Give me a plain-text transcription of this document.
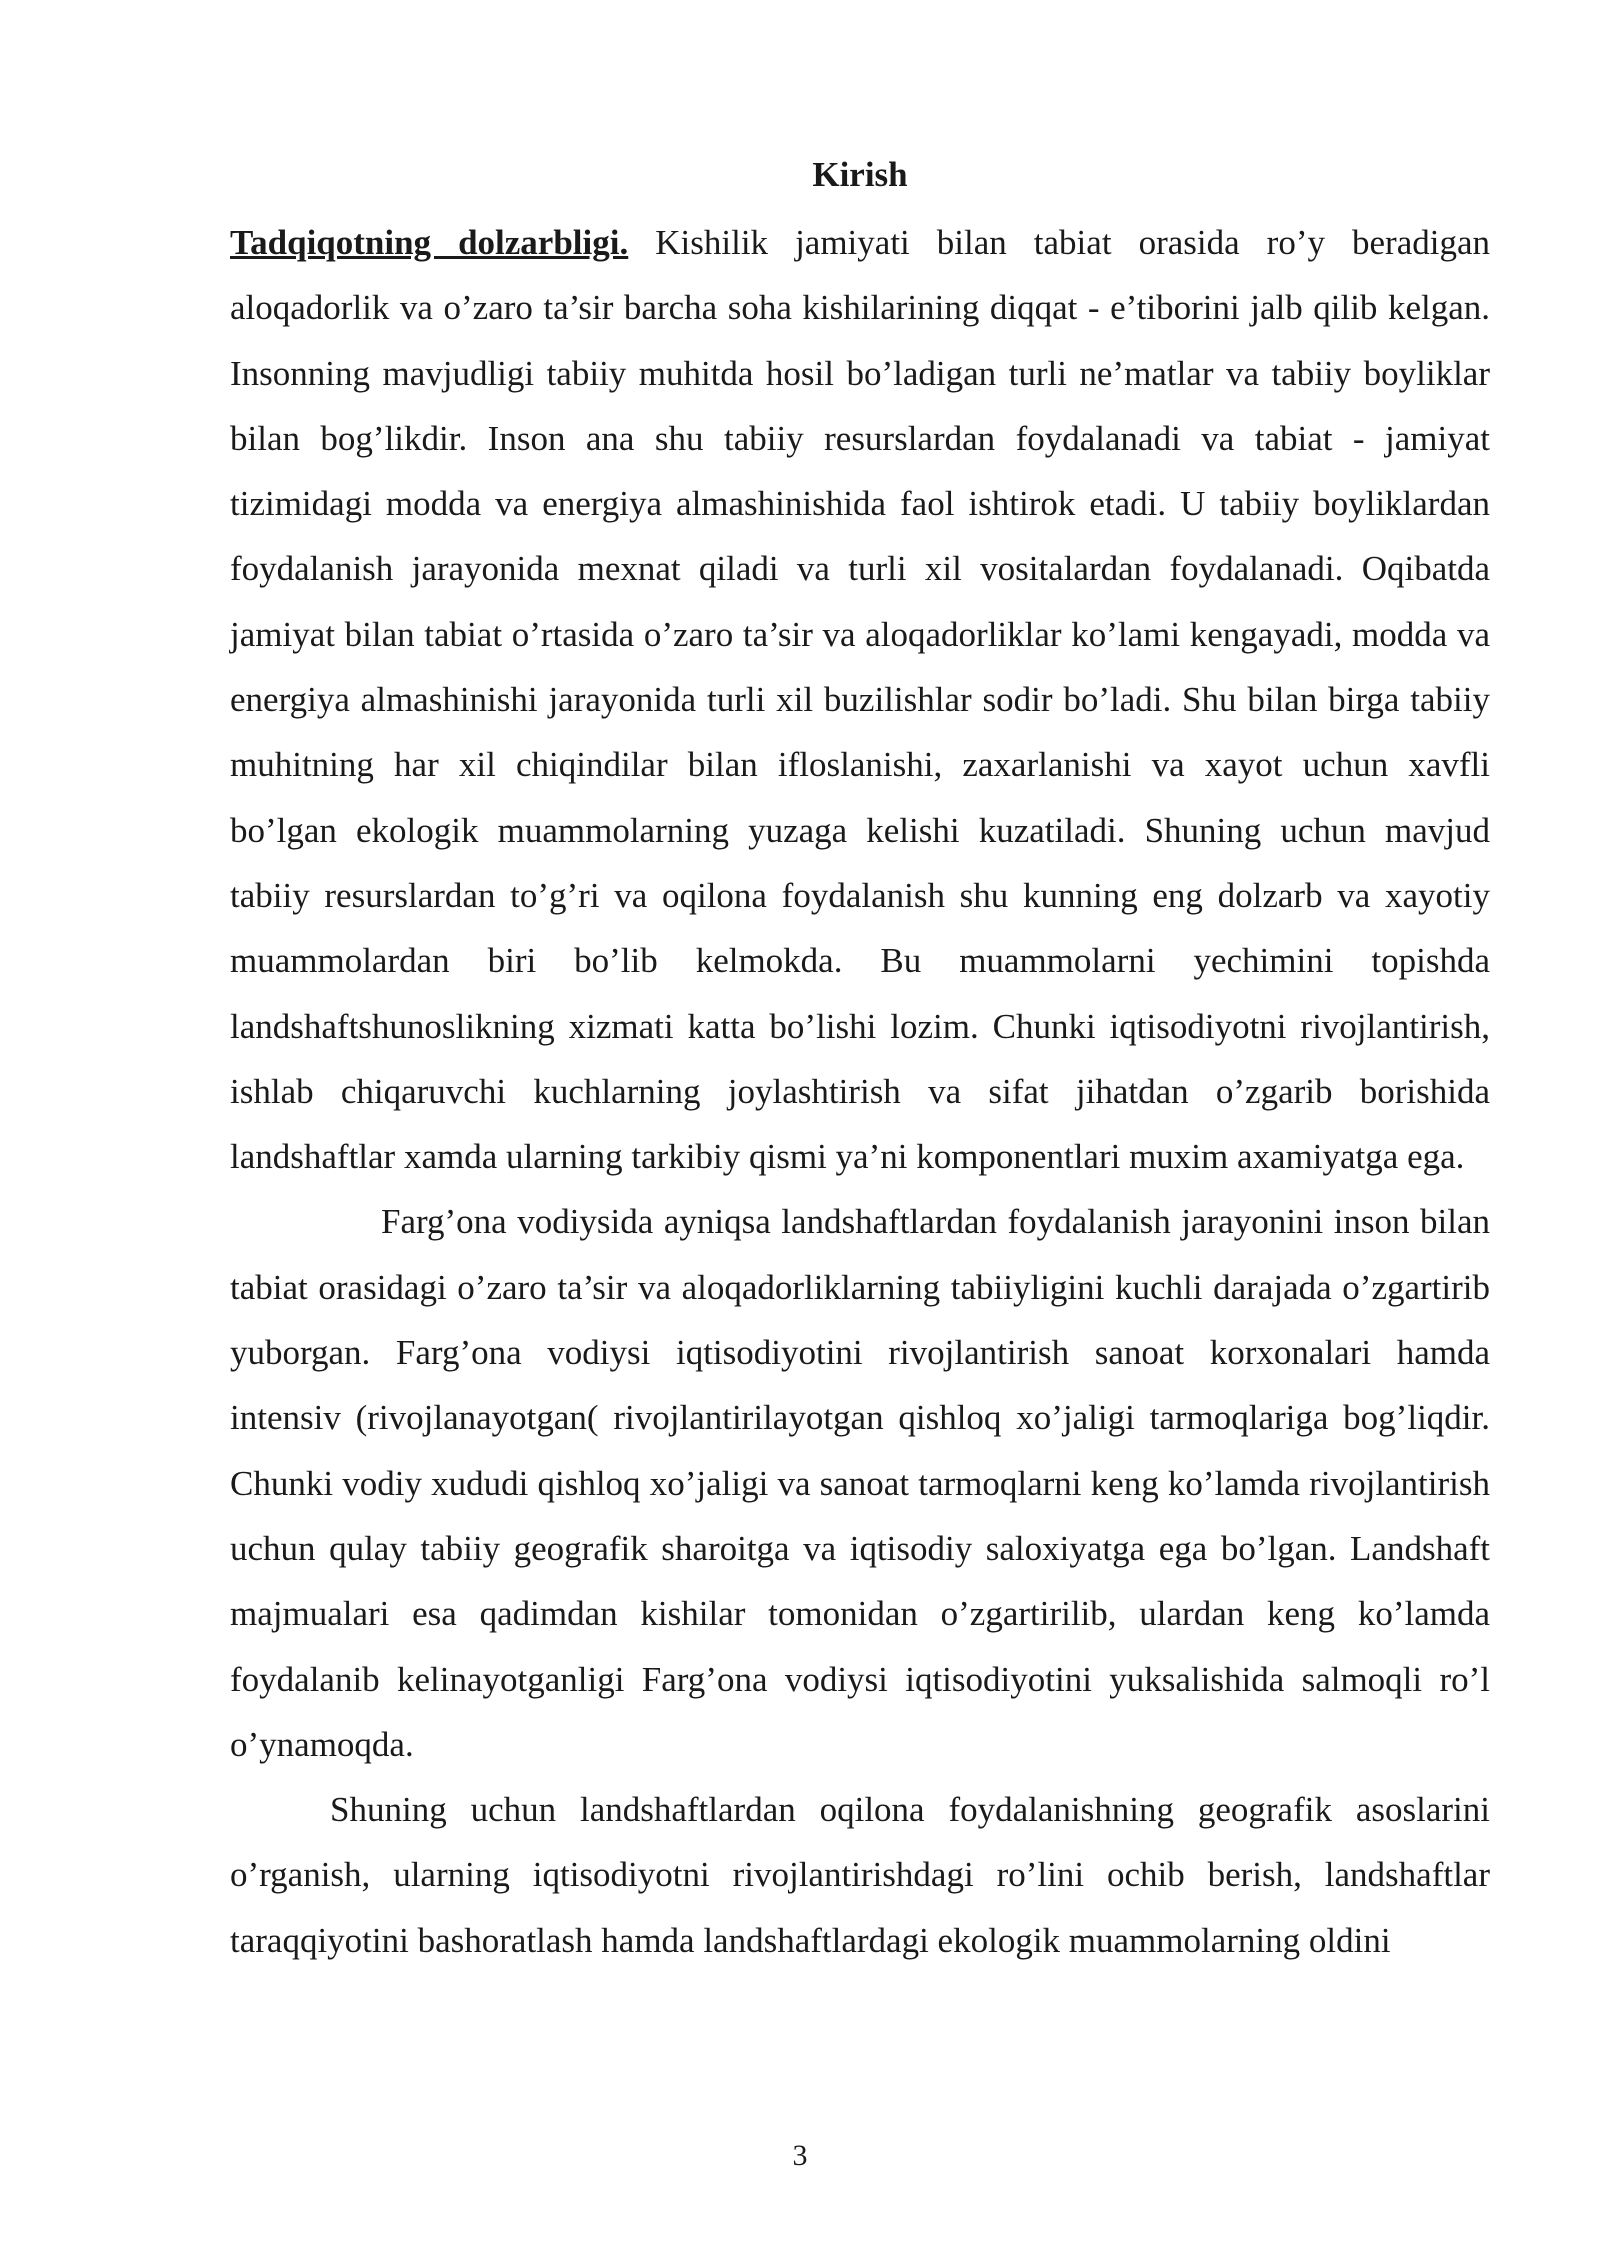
Kirish

Tadqiqotning dolzarbligi. Kishilik jamiyati bilan tabiat orasida ro’y beradigan aloqadorlik va o’zaro ta’sir barcha soha kishilarining diqqat - e’tiborini jalb qilib kelgan. Insonning mavjudligi tabiiy muhitda hosil bo’ladigan turli ne’matlar va tabiiy boyliklar bilan bog’likdir. Inson ana shu tabiiy resurslardan foydalanadi va tabiat - jamiyat tizimidagi modda va energiya almashinishida faol ishtirok etadi. U tabiiy boyliklardan foydalanish jarayonida mexnat qiladi va turli xil vositalardan foydalanadi. Oqibatda jamiyat bilan tabiat o’rtasida o’zaro ta’sir va aloqadorliklar ko’lami kengayadi, modda va energiya almashinishi jarayonida turli xil buzilishlar sodir bo’ladi. Shu bilan birga tabiiy muhitning har xil chiqindilar bilan ifloslanishi, zaxarlanishi va xayot uchun xavfli bo’lgan ekologik muammolarning yuzaga kelishi kuzatiladi. Shuning uchun mavjud tabiiy resurslardan to’g’ri va oqilona foydalanish shu kunning eng dolzarb va xayotiy muammolardan biri bo’lib kelmokda. Bu muammolarni yechimini topishda landshaftshunoslikning xizmati katta bo’lishi lozim. Chunki iqtisodiyotni rivojlantirish, ishlab chiqaruvchi kuchlarning joylashtirish va sifat jihatdan o’zgarib borishida landshaftlar xamda ularning tarkibiy qismi ya’ni komponentlari muxim axamiyatga ega.

Farg’ona vodiysida ayniqsa landshaftlardan foydalanish jarayonini inson bilan tabiat orasidagi o’zaro ta’sir va aloqadorliklarning tabiiyligini kuchli darajada o’zgartirib yuborgan. Farg’ona vodiysi iqtisodiyotini rivojlantirish sanoat korxonalari hamda intensiv (rivojlanayotgan( rivojlantirilayotgan qishloq xo’jaligi tarmoqlariga bog’liqdir. Chunki vodiy xududi qishloq xo’jaligi va sanoat tarmoqlarni keng ko’lamda rivojlantirish uchun qulay tabiiy geografik sharoitga va iqtisodiy saloxiyatga ega bo’lgan. Landshaft majmualari esa qadimdan kishilar tomonidan o’zgartirilib, ulardan keng ko’lamda foydalanib kelinayotganligi Farg’ona vodiysi iqtisodiyotini yuksalishida salmoqli ro’l o’ynamoqda.

Shuning uchun landshaftlardan oqilona foydalanishning geografik asoslarini o’rganish, ularning iqtisodiyotni rivojlantirishdagi ro’lini ochib berish, landshaftlar taraqqiyotini bashoratlash hamda landshaftlardagi ekologik muammolarning oldini

3
